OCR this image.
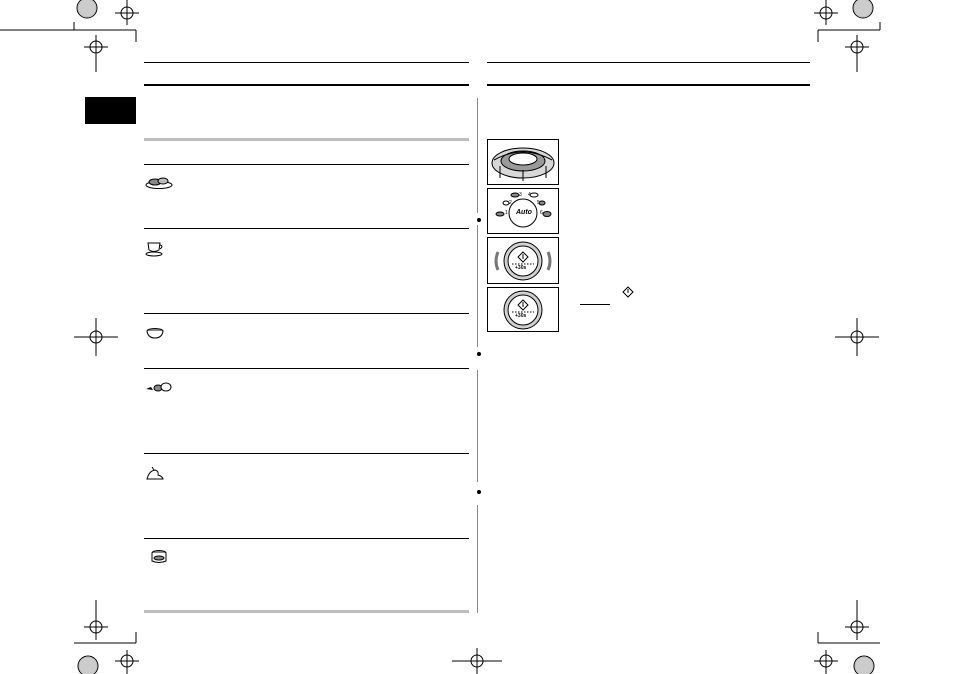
Auto
1
2
3 4
5
6
+30s
+30s
